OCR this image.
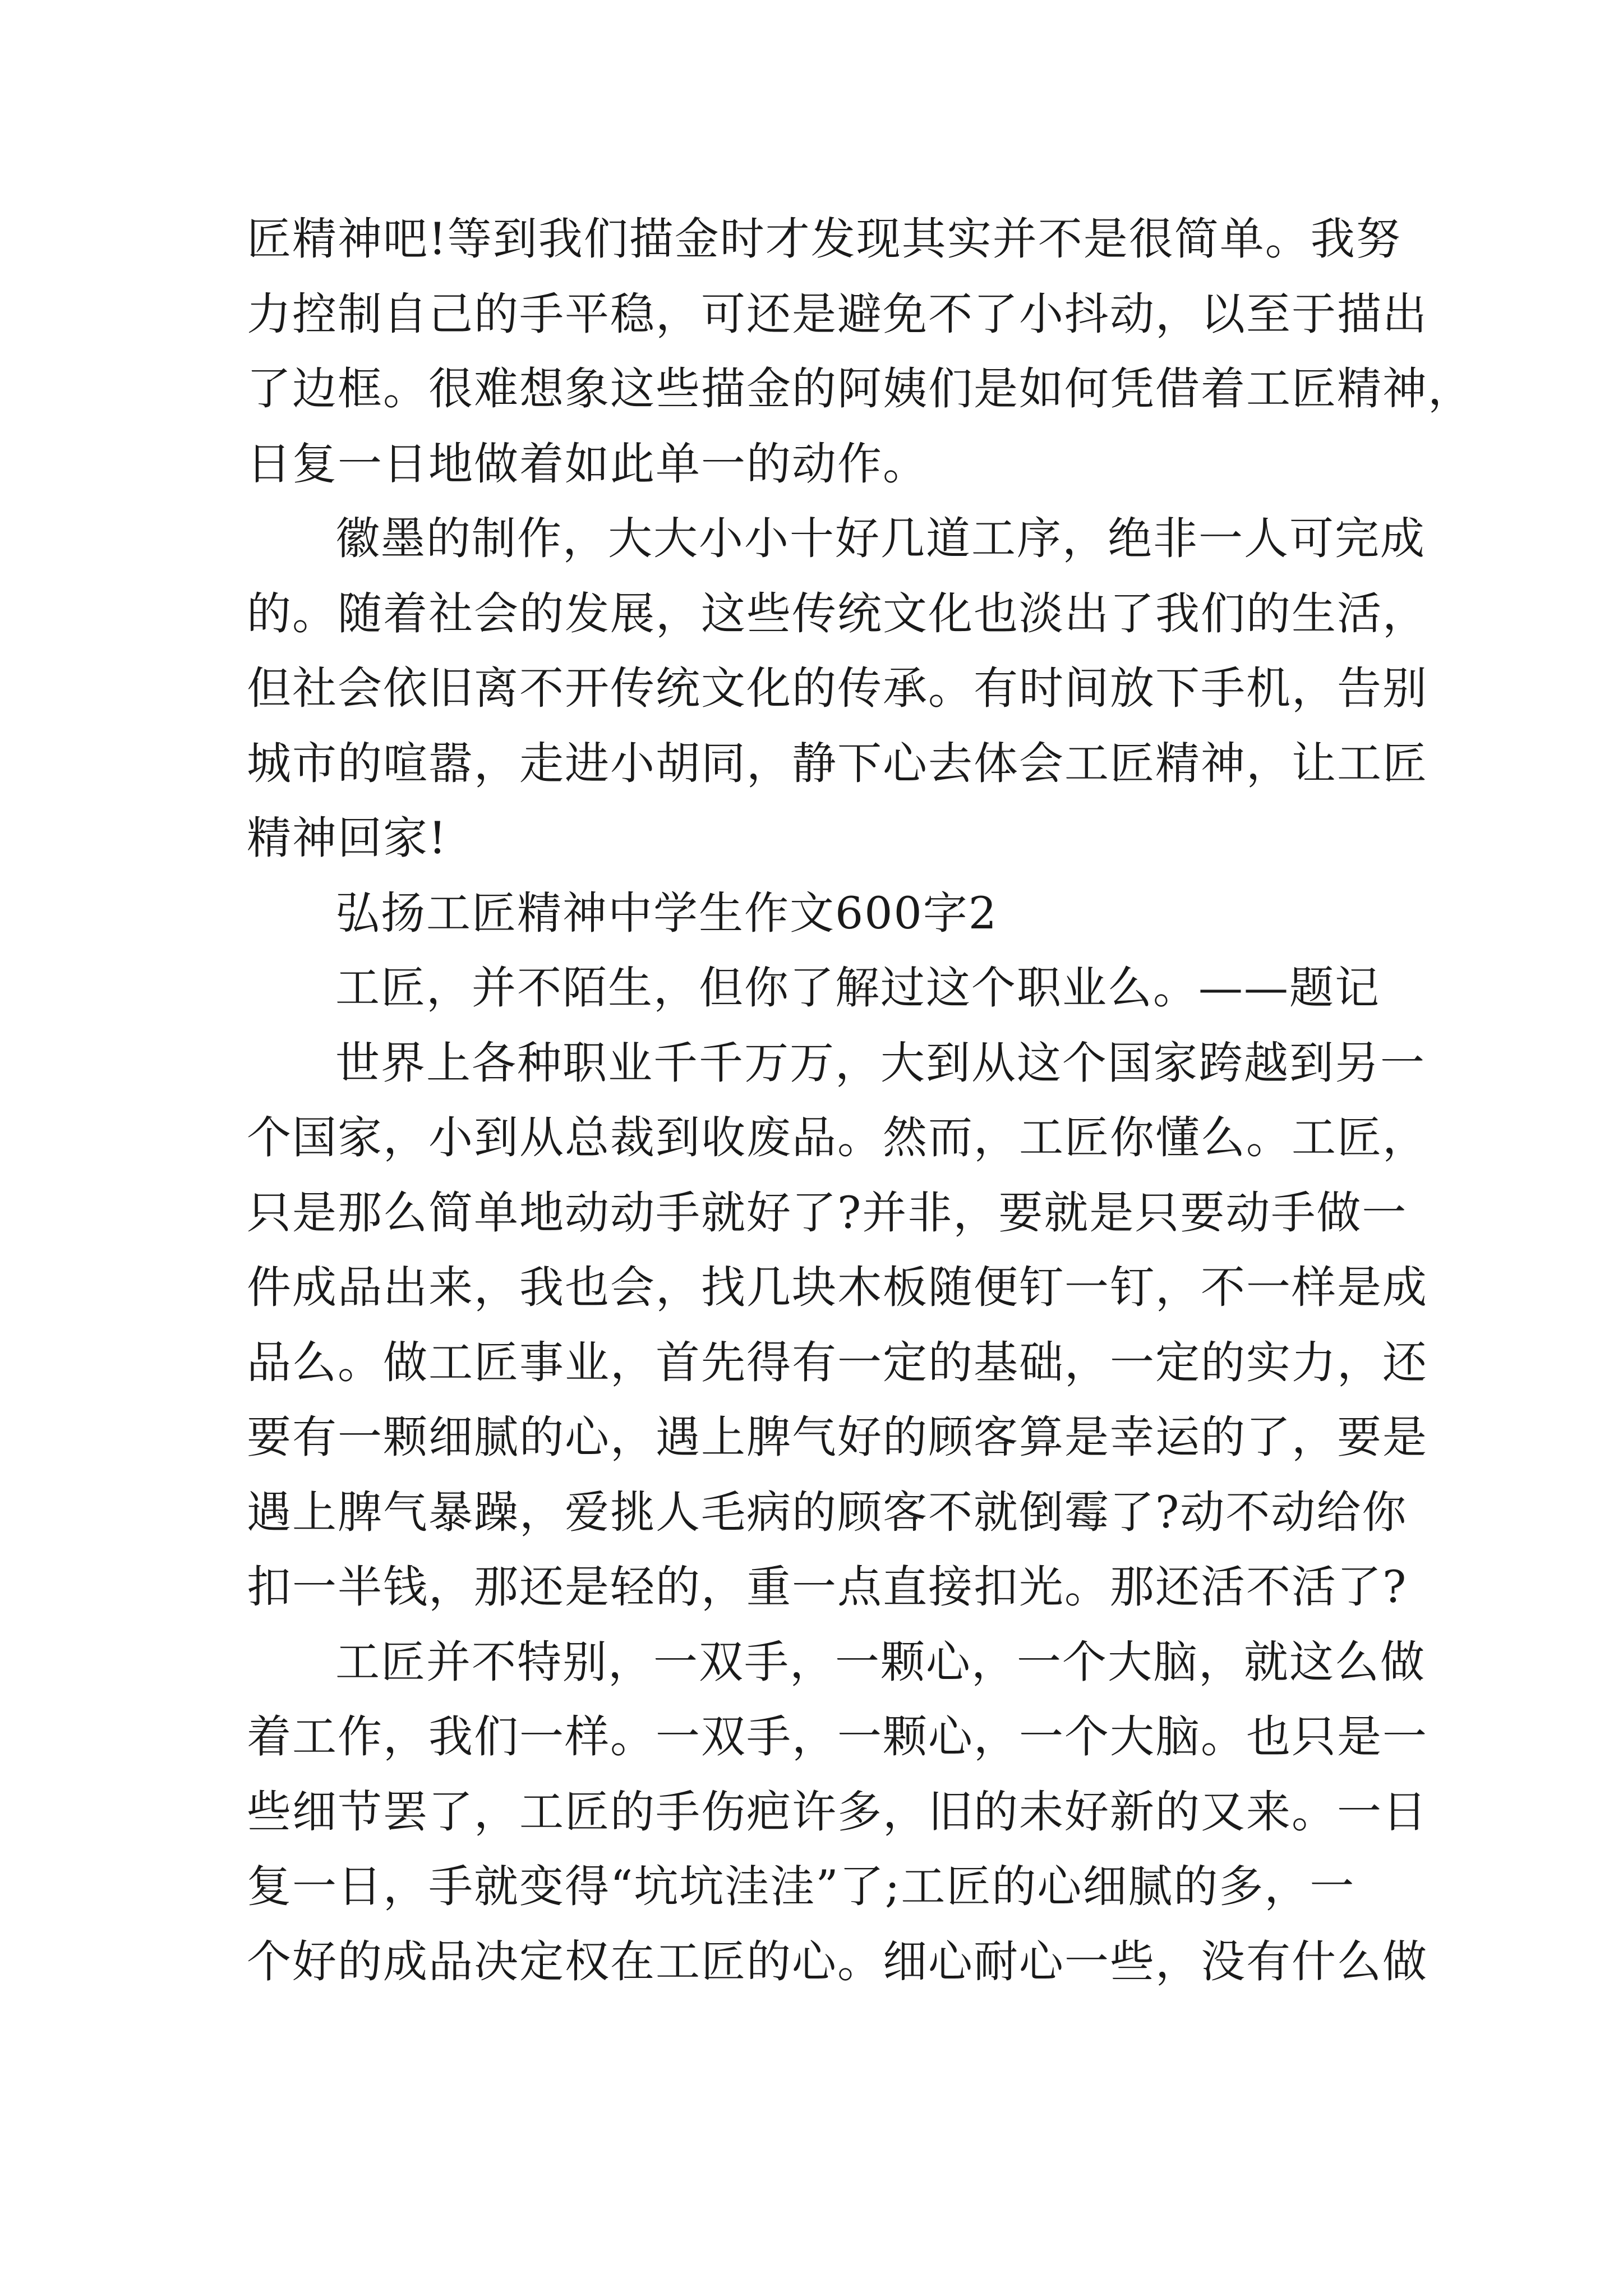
匠精神吧!等到我们描金时才发现其实并不是很简单。我努
力控制自己的手平稳，可还是避免不了小抖动，以至于描出
了边框。很难想象这些描金的阿姨们是如何凭借着工匠精神，
日复一日地做着如此单一的动作。
徽墨的制作，大大小小十好几道工序，绝非一人可完成
的。随着社会的发展，这些传统文化也淡出了我们的生活，
但社会依旧离不开传统文化的传承。有时间放下手机，告别
城市的喧嚣，走进小胡同，静下心去体会工匠精神，让工匠
精神回家!
弘扬工匠精神中学生作文600字2
工匠，并不陌生，但你了解过这个职业么。——题记
世界上各种职业千千万万，大到从这个国家跨越到另一
个国家，小到从总裁到收废品。然而，工匠你懂么。工匠，
只是那么简单地动动手就好了?并非，要就是只要动手做一
件成品出来，我也会，找几块木板随便钉一钉，不一样是成
品么。做工匠事业，首先得有一定的基础，一定的实力，还
要有一颗细腻的心，遇上脾气好的顾客算是幸运的了，要是
遇上脾气暴躁，爱挑人毛病的顾客不就倒霉了?动不动给你
扣一半钱，那还是轻的，重一点直接扣光。那还活不活了?
工匠并不特别，一双手，一颗心，一个大脑，就这么做
着工作，我们一样。一双手，一颗心，一个大脑。也只是一
些细节罢了，工匠的手伤疤许多，旧的未好新的又来。一日
复一日，手就变得“坑坑洼洼”了;工匠的心细腻的多，一
个好的成品决定权在工匠的心。细心耐心一些，没有什么做
